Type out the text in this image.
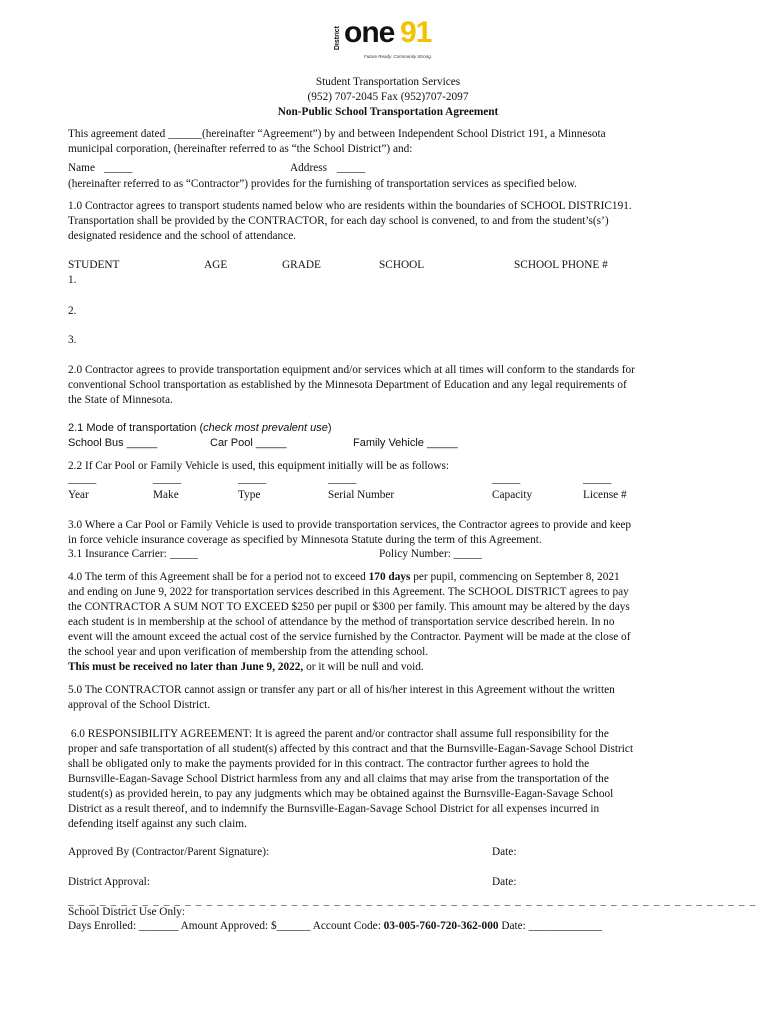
District one 91
Future Ready. Community Strong.
Student Transportation Services
(952) 707-2045 Fax (952)707-2097
Non-Public School Transportation Agreement
This agreement dated ______(hereinafter “Agreement”) by and between Independent School District 191, a Minnesota
municipal corporation, (hereinafter referred to as “the School District”) and:
Name _____	Address _____
(hereinafter referred to as “Contractor”) provides for the furnishing of transportation services as specified below.
1.0 Contractor agrees to transport students named below who are residents within the boundaries of SCHOOL DISTRIC191.
Transportation shall be provided by the CONTRACTOR, for each day school is convened, to and from the student’s(s’)
designated residence and the school of attendance.
STUDENT	AGE	GRADE	SCHOOL	SCHOOL PHONE #
1.
2.
3.
2.0 Contractor agrees to provide transportation equipment and/or services which at all times will conform to the standards for
conventional School transportation as established by the Minnesota Department of Education and any legal requirements of
the State of Minnesota.
2.1 Mode of transportation (check most prevalent use)
School Bus _____	Car Pool _____	Family Vehicle _____
2.2 If Car Pool or Family Vehicle is used, this equipment initially will be as follows:
_____	_____	_____	_____	_____	_____
Year	Make	Type	Serial Number	Capacity	License #
3.0 Where a Car Pool or Family Vehicle is used to provide transportation services, the Contractor agrees to provide and keep
in force vehicle insurance coverage as specified by Minnesota Statute during the term of this Agreement.
3.1 Insurance Carrier: _____	Policy Number: _____
4.0 The term of this Agreement shall be for a period not to exceed 170 days per pupil, commencing on September 8, 2021
and ending on June 9, 2022 for transportation services described in this Agreement. The SCHOOL DISTRICT agrees to pay
the CONTRACTOR A SUM NOT TO EXCEED $250 per pupil or $300 per family. This amount may be altered by the days
each student is in membership at the school of attendance by the method of transportation service described herein. In no
event will the amount exceed the actual cost of the service furnished by the Contractor. Payment will be made at the close of
the school year and upon verification of membership from the attending school.
This must be received no later than June 9, 2022, or it will be null and void.
5.0 The CONTRACTOR cannot assign or transfer any part or all of his/her interest in this Agreement without the written
approval of the School District.
6.0 RESPONSIBILITY AGREEMENT: It is agreed the parent and/or contractor shall assume full responsibility for the
proper and safe transportation of all student(s) affected by this contract and that the Burnsville-Eagan-Savage School District
shall be obligated only to make the payments provided for in this contract. The contractor further agrees to hold the
Burnsville-Eagan-Savage School District harmless from any and all claims that may arise from the transportation of the
student(s) as provided herein, to pay any judgments which may be obtained against the Burnsville-Eagan-Savage School
District as a result thereof, and to indemnify the Burnsville-Eagan-Savage School District for all expenses incurred in
defending itself against any such claim.
Approved By (Contractor/Parent Signature):	Date:
District Approval:	Date:
_ _ _ _ _ _ _ _ _ _ _ _ _ _ _ _ _ _ _ _ _ _ _ _ _ _ _ _ _ _ _ _ _ _ _ _ _ _ _ _ _ _ _ _ _ _ _ _ _ _ _ _ _ _ _ _ _ _ _ _ _ _ _ _ _
School District Use Only:
Days Enrolled: _______ Amount Approved: $______ Account Code: 03-005-760-720-362-000 Date: _____________
